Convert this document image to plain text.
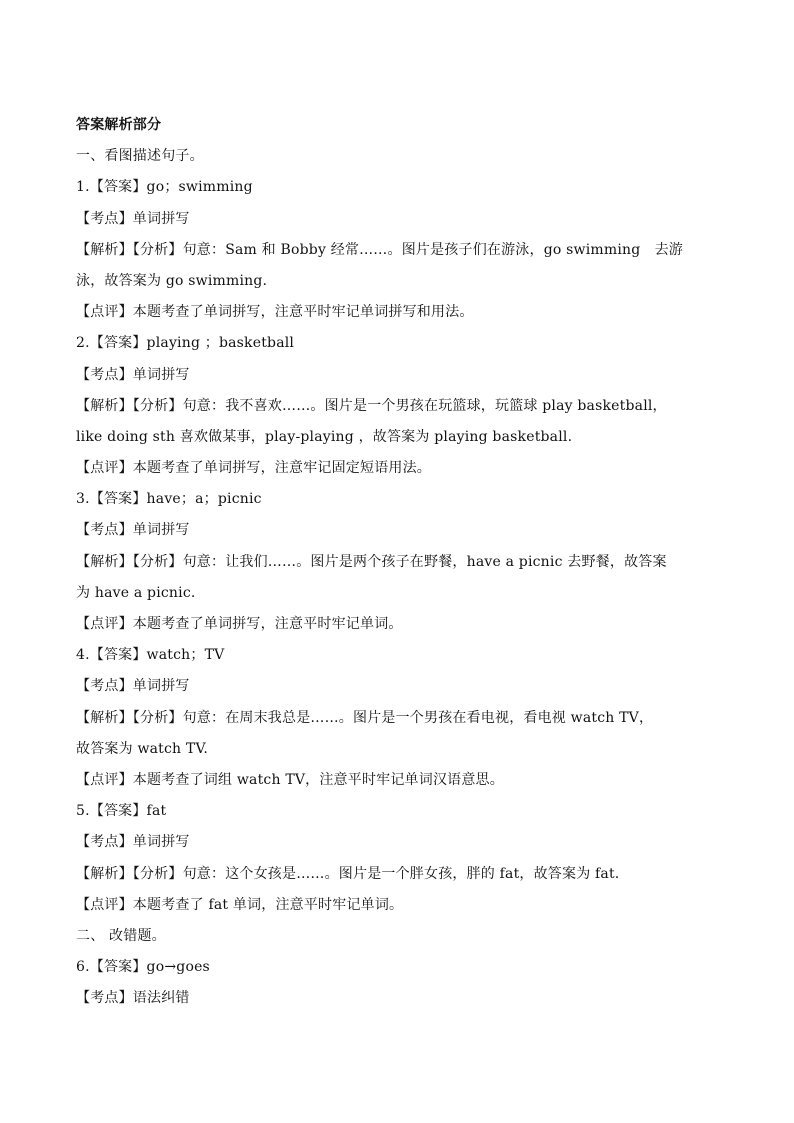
答案解析部分
一、看图描述句子。
1.【答案】go；swimming
【考点】单词拼写
【解析】【分析】句意：Sam 和 Bobby 经常……。图片是孩子们在游泳，go swimming　去游
泳，故答案为 go swimming.
【点评】本题考查了单词拼写，注意平时牢记单词拼写和用法。
2.【答案】playing ；basketball
【考点】单词拼写
【解析】【分析】句意：我不喜欢……。图片是一个男孩在玩篮球，玩篮球 play basketball，
like doing sth 喜欢做某事，play-playing ，故答案为 playing basketball.
【点评】本题考查了单词拼写，注意牢记固定短语用法。
3.【答案】have；a；picnic
【考点】单词拼写
【解析】【分析】句意：让我们……。图片是两个孩子在野餐，have a picnic 去野餐，故答案
为 have a picnic.
【点评】本题考查了单词拼写，注意平时牢记单词。
4.【答案】watch；TV
【考点】单词拼写
【解析】【分析】句意：在周末我总是……。图片是一个男孩在看电视，看电视 watch TV，
故答案为 watch TV.
【点评】本题考查了词组 watch TV，注意平时牢记单词汉语意思。
5.【答案】fat
【考点】单词拼写
【解析】【分析】句意：这个女孩是……。图片是一个胖女孩，胖的 fat，故答案为 fat.
【点评】本题考查了 fat 单词，注意平时牢记单词。
二、 改错题。
6.【答案】go→goes
【考点】语法纠错
